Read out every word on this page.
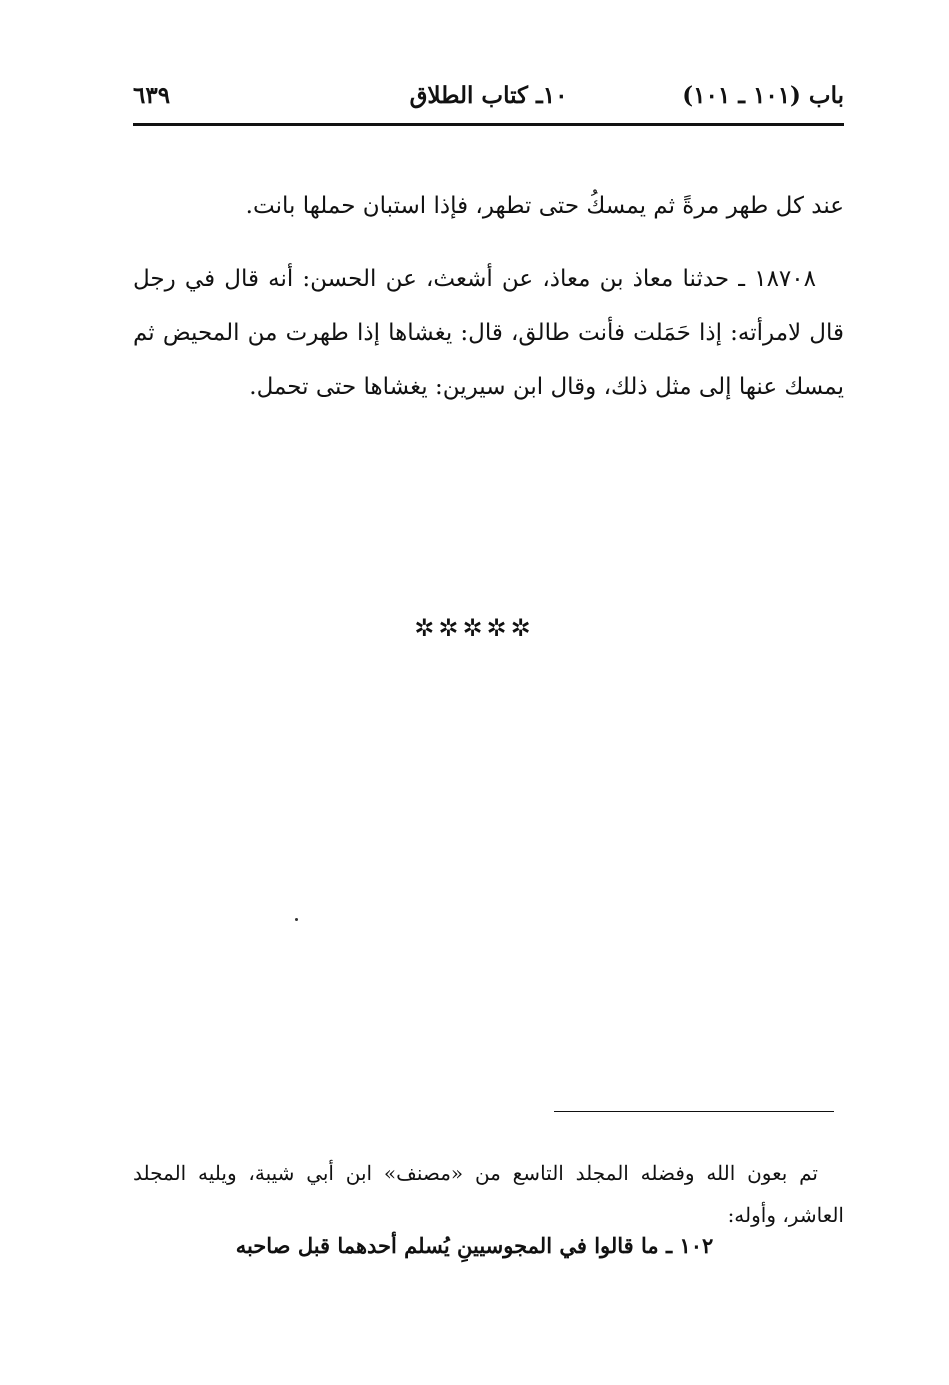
باب (١٠١ ـ ١٠١)
١٠ـ كتاب الطلاق
٦٣٩

عند كل طهر مرةً ثم يمسكُ حتى تطهر، فإذا استبان حملها بانت.

١٨٧٠٨ ـ حدثنا معاذ بن معاذ، عن أشعث، عن الحسن: أنه قال في رجل قال لامرأته: إذا حَمَلت فأنت طالق، قال: يغشاها إذا طهرت من المحيض ثم يمسك عنها إلى مثل ذلك، وقال ابن سيرين: يغشاها حتى تحمل.

✲✲✲✲✲

تم بعون الله وفضله المجلد التاسع من «مصنف» ابن أبي شيبة، ويليه المجلد العاشر، وأوله:

١٠٢ ـ ما قالوا في المجوسيينِ يُسلم أحدهما قبل صاحبه
